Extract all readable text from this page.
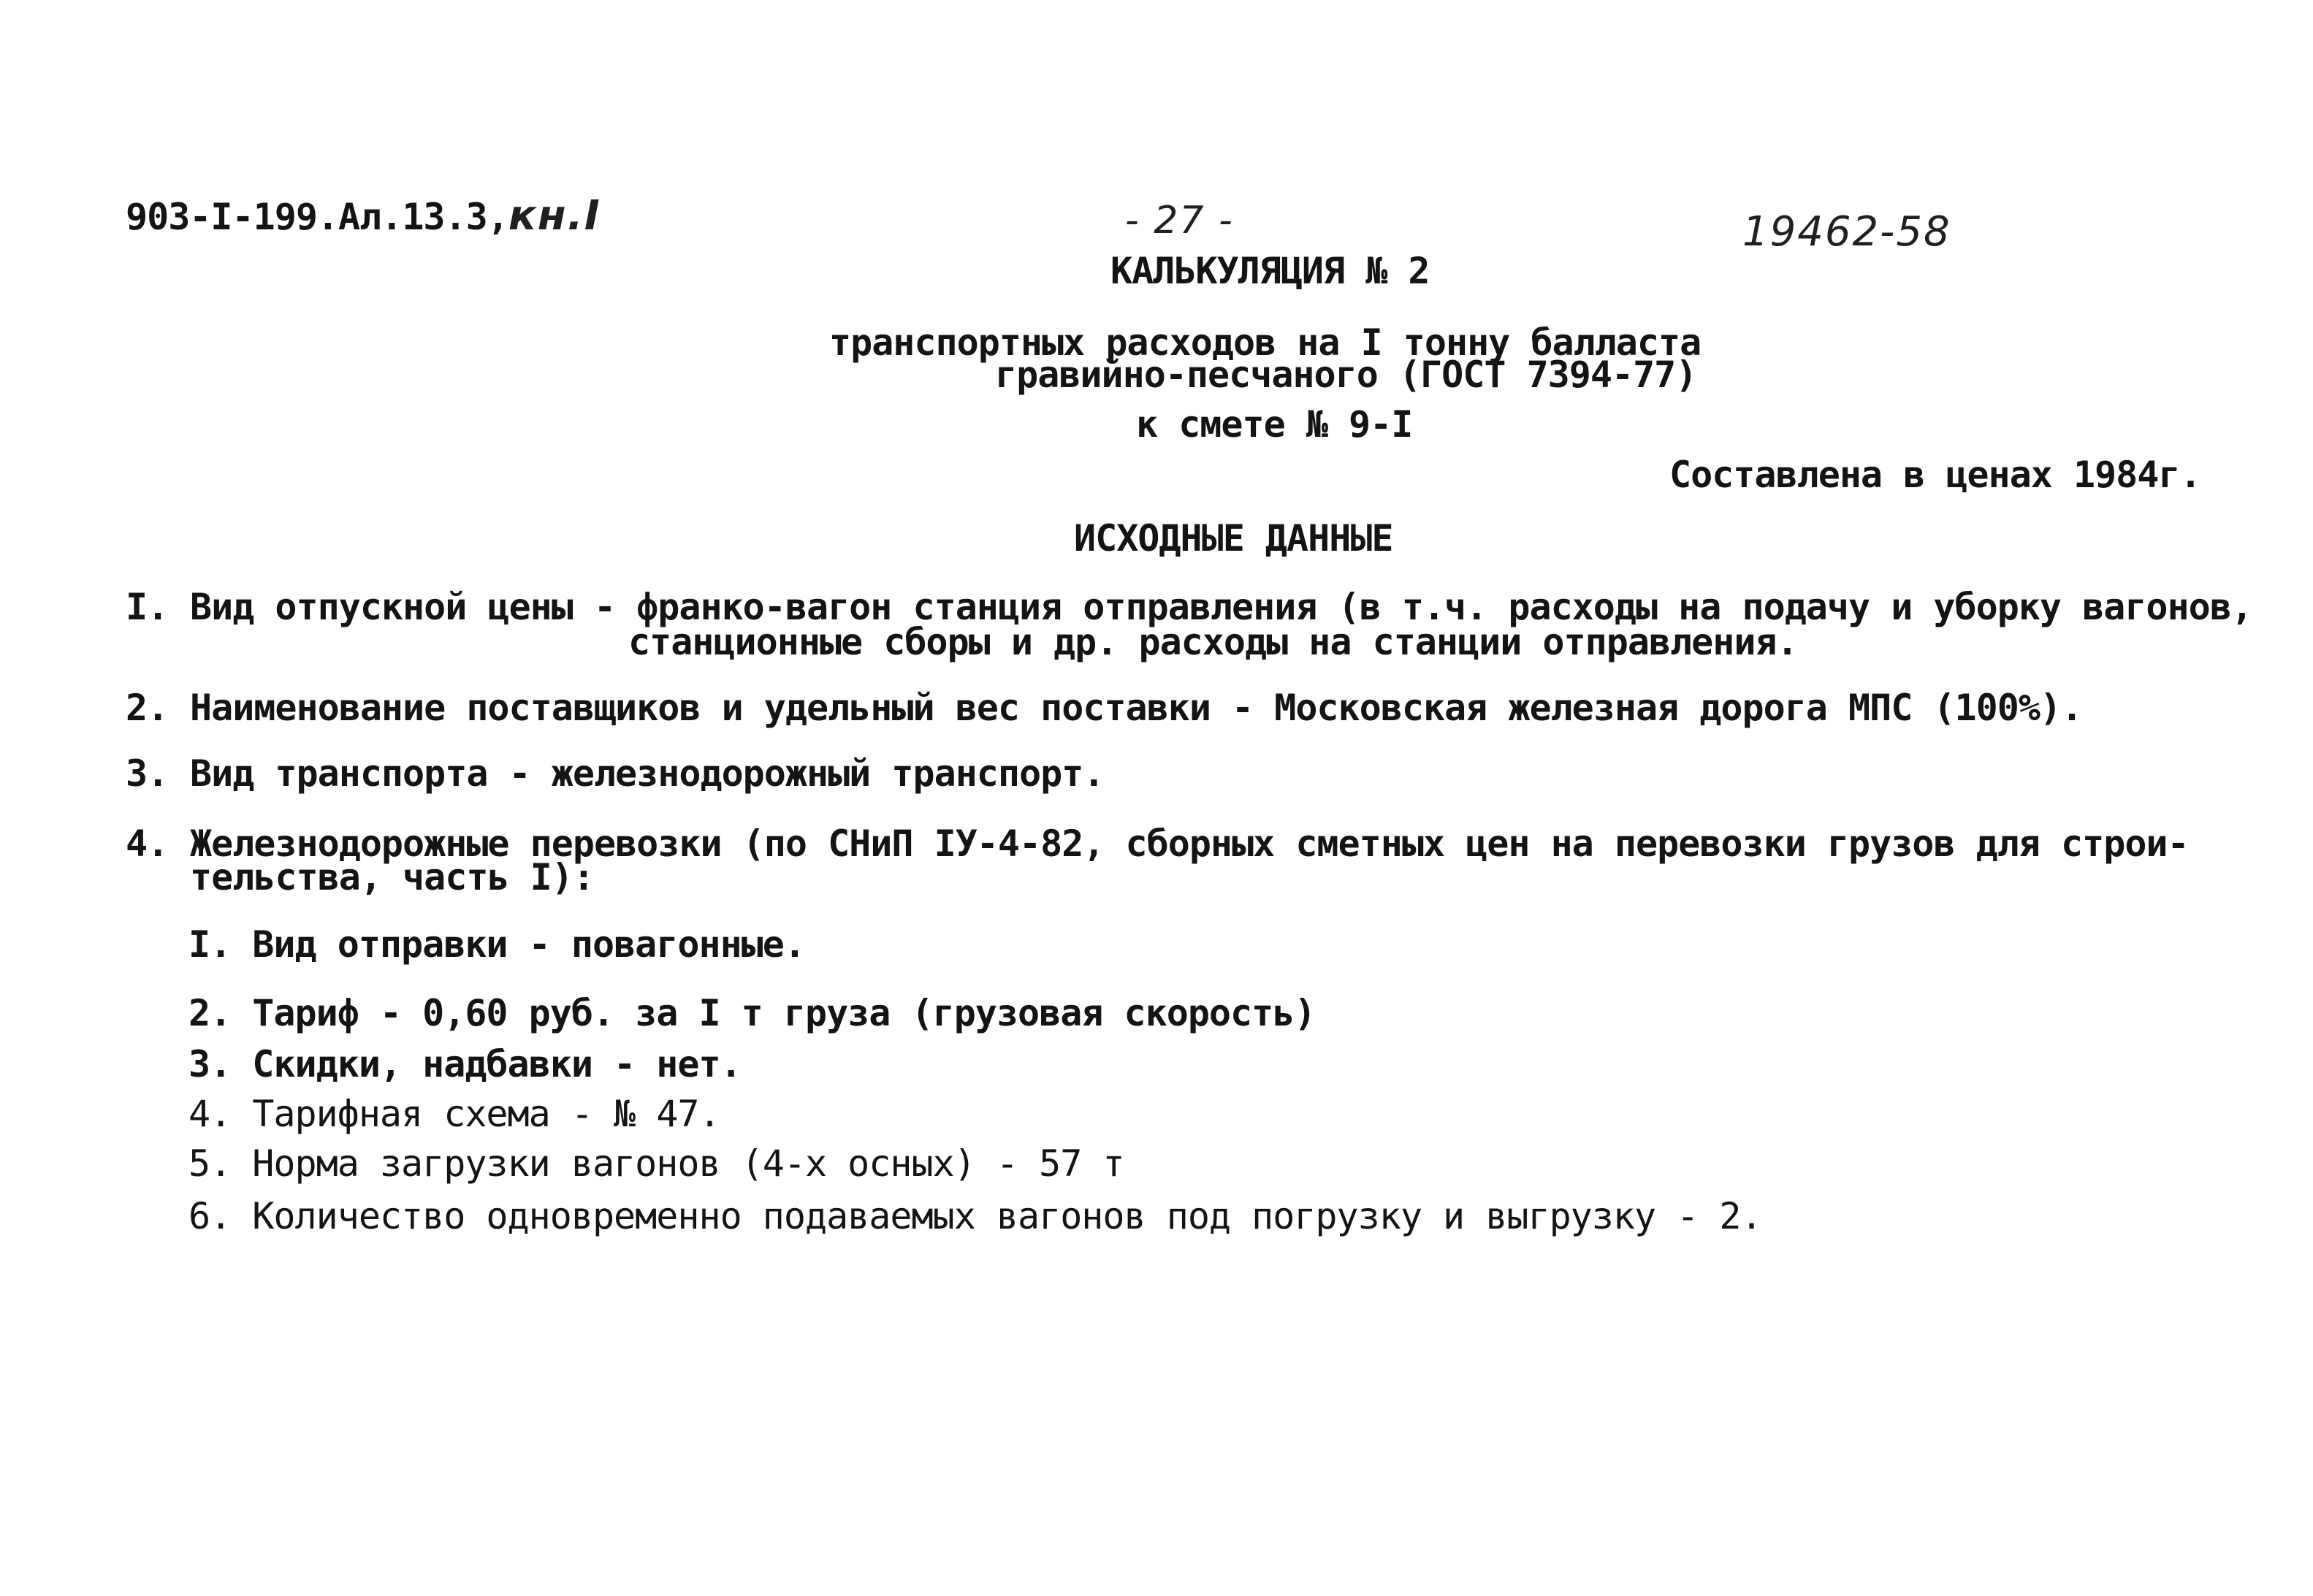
903-I-199.Ал.13.3,кн.I	- 27 -	19462-58
КАЛЬКУЛЯЦИЯ № 2
транспортных расходов на I тонну балласта
гравийно-песчаного (ГОСТ 7394-77)
к смете № 9-I
Составлена в ценах 1984г.
ИСХОДНЫЕ ДАННЫЕ
I. Вид отпускной цены - франко-вагон станция отправления (в т.ч. расходы на подачу и уборку вагонов,
станционные сборы и др. расходы на станции отправления.
2. Наименование поставщиков и удельный вес поставки - Московская железная дорога МПС (100%).
3. Вид транспорта - железнодорожный транспорт.
4. Железнодорожные перевозки (по СНиП IУ-4-82, сборных сметных цен на перевозки грузов для строи-
тельства, часть I):
I. Вид отправки - повагонные.
2. Тариф - 0,60 руб. за I т груза (грузовая скорость)
3. Скидки, надбавки - нет.
4. Тарифная схема - № 47.
5. Норма загрузки вагонов (4-х осных) - 57 т
6. Количество одновременно подаваемых вагонов под погрузку и выгрузку - 2.
